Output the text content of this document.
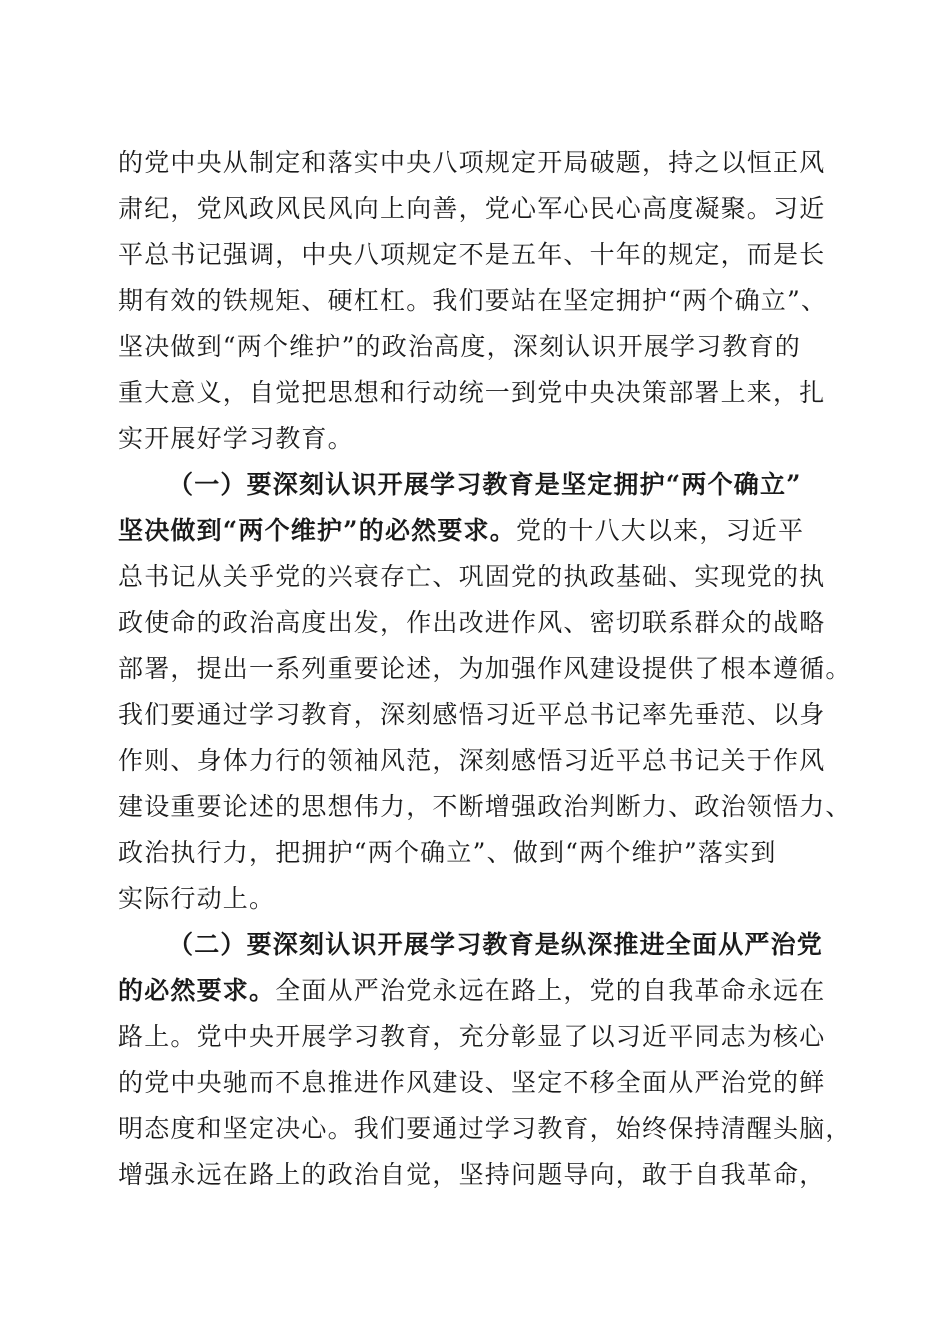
的党中央从制定和落实中央八项规定开局破题，持之以恒正风
肃纪，党风政风民风向上向善，党心军心民心高度凝聚。习近
平总书记强调，中央八项规定不是五年、十年的规定，而是长
期有效的铁规矩、硬杠杠。我们要站在坚定拥护“两个确立”、
坚决做到“两个维护”的政治高度，深刻认识开展学习教育的
重大意义，自觉把思想和行动统一到党中央决策部署上来，扎
实开展好学习教育。
（一）要深刻认识开展学习教育是坚定拥护“两个确立”
坚决做到“两个维护”的必然要求。党的十八大以来，习近平
总书记从关乎党的兴衰存亡、巩固党的执政基础、实现党的执
政使命的政治高度出发，作出改进作风、密切联系群众的战略
部署，提出一系列重要论述，为加强作风建设提供了根本遵循。
我们要通过学习教育，深刻感悟习近平总书记率先垂范、以身
作则、身体力行的领袖风范，深刻感悟习近平总书记关于作风
建设重要论述的思想伟力，不断增强政治判断力、政治领悟力、
政治执行力，把拥护“两个确立”、做到“两个维护”落实到
实际行动上。
（二）要深刻认识开展学习教育是纵深推进全面从严治党
的必然要求。全面从严治党永远在路上，党的自我革命永远在
路上。党中央开展学习教育，充分彰显了以习近平同志为核心
的党中央驰而不息推进作风建设、坚定不移全面从严治党的鲜
明态度和坚定决心。我们要通过学习教育，始终保持清醒头脑，
增强永远在路上的政治自觉，坚持问题导向，敢于自我革命，
